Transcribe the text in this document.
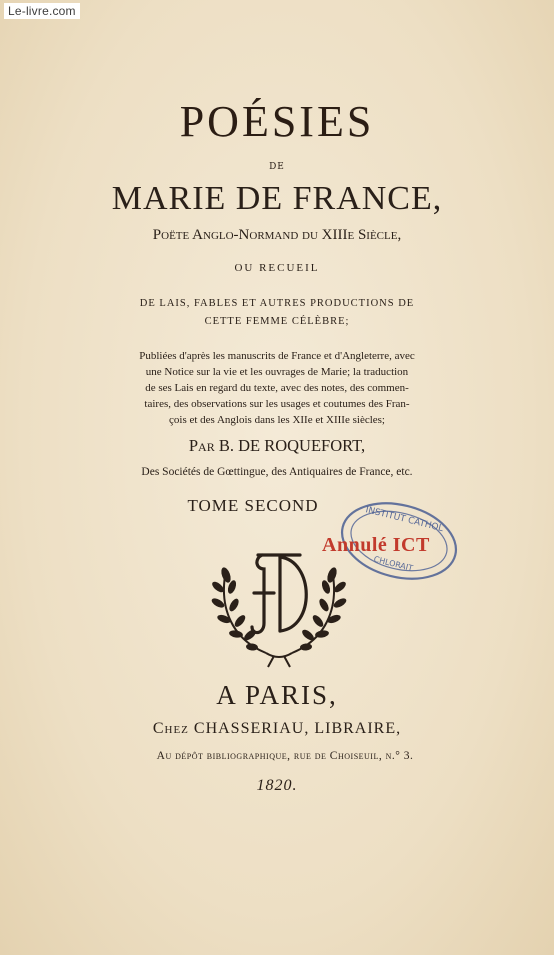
Le-livre.com
POÉSIES
DE
MARIE DE FRANCE,
Poëte Anglo-Normand du XIIIe Siècle,
OU RECUEIL
DE LAIS, FABLES ET AUTRES PRODUCTIONS DE
CETTE FEMME CÉLÈBRE;
Publiées d'après les manuscrits de France et d'Angleterre, avec
une Notice sur la vie et les ouvrages de Marie; la traduction
de ses Lais en regard du texte, avec des notes, des commen-
taires, des observations sur les usages et coutumes des Fran-
çois et des Anglois dans les XIIe et XIIIe siècles;
Par B. DE ROQUEFORT,
Des Sociétés de Gœttingue, des Antiquaires de France, etc.
TOME SECOND	INSTITUT CATHOL
CHLORAIT
Annulé ICT
A PARIS,
Chez CHASSERIAU, LIBRAIRE,
Au dépôt bibliographique, rue de Choiseuil, n.° 3.
1820.
